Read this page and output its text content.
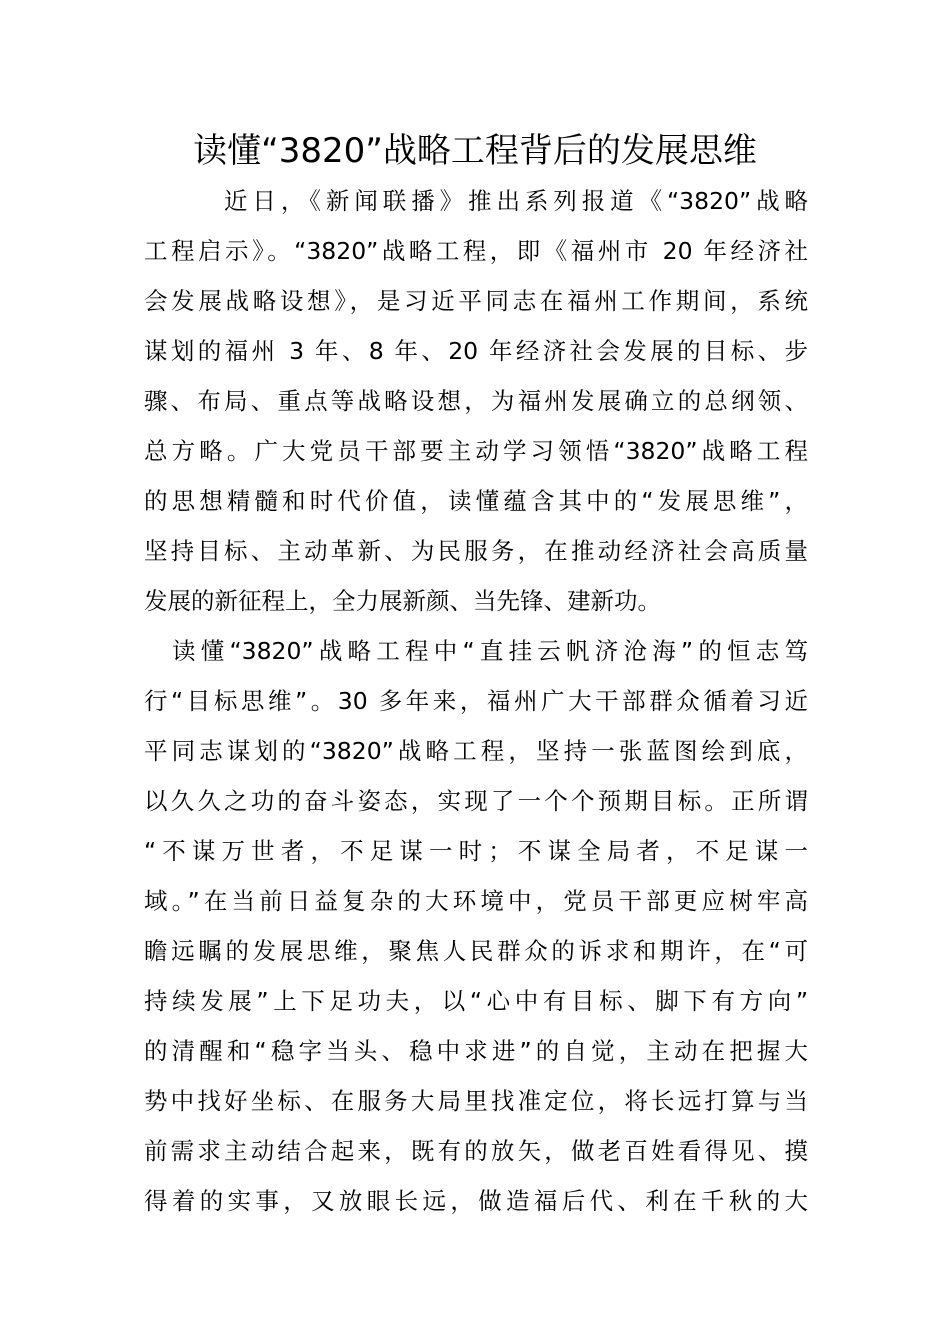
读懂“3820”战略工程背后的发展思维
近日，《新闻联播》推出系列报道《“3820”战略
工程启示》。“3820”战略工程，即《福州市 20 年经济社
会发展战略设想》，是习近平同志在福州工作期间，系统
谋划的福州 3 年、8 年、20 年经济社会发展的目标、步
骤、布局、重点等战略设想，为福州发展确立的总纲领、
总方略。广大党员干部要主动学习领悟“3820”战略工程
的思想精髓和时代价值，读懂蕴含其中的“发展思维”，
坚持目标、主动革新、为民服务，在推动经济社会高质量
发展的新征程上，全力展新颜、当先锋、建新功。
读懂“3820”战略工程中“直挂云帆济沧海”的恒志笃
行“目标思维”。30 多年来，福州广大干部群众循着习近
平同志谋划的“3820”战略工程，坚持一张蓝图绘到底，
以久久之功的奋斗姿态，实现了一个个预期目标。正所谓
“不谋万世者，不足谋一时；不谋全局者，不足谋一
域。”在当前日益复杂的大环境中，党员干部更应树牢高
瞻远瞩的发展思维，聚焦人民群众的诉求和期许，在“可
持续发展”上下足功夫，以“心中有目标、脚下有方向”
的清醒和“稳字当头、稳中求进”的自觉，主动在把握大
势中找好坐标、在服务大局里找准定位，将长远打算与当
前需求主动结合起来，既有的放矢，做老百姓看得见、摸
得着的实事，又放眼长远，做造福后代、利在千秋的大
